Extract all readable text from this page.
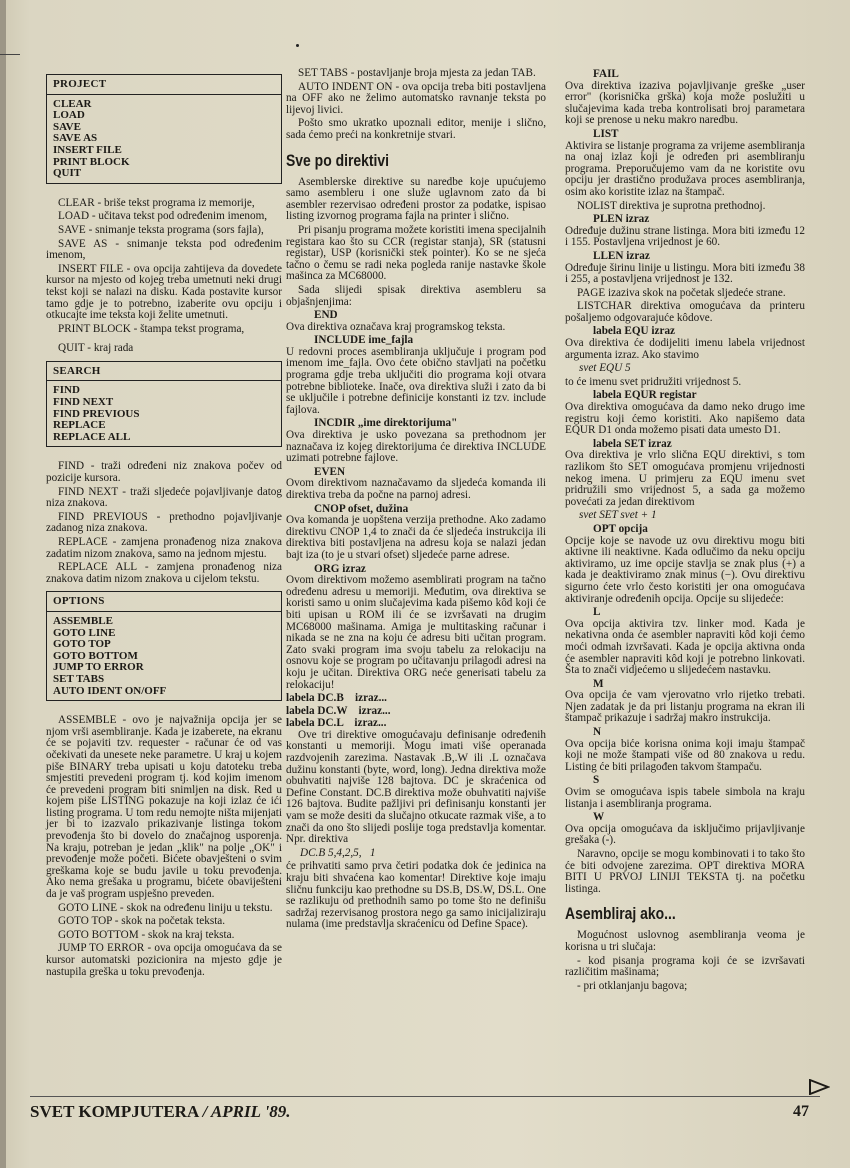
PROJECT
CLEAR
LOAD
SAVE
SAVE AS
INSERT FILE
PRINT BLOCK
QUIT

CLEAR - briše tekst programa iz memorije,

LOAD - učitava tekst pod određenim imenom,

SAVE - snimanje teksta programa (sors fajla),

SAVE AS - snimanje teksta pod određenim imenom,

INSERT FILE - ova opcija zahtijeva da dovedete kursor na mjesto od kojeg treba umetnuti neki drugi tekst koji se nalazi na disku. Kada postavite kursor tamo gdje je to potrebno, izaberite ovu opciju i otkucajte ime teksta koji želite umetnuti.

PRINT BLOCK - štampa tekst programa,

QUIT - kraj rada

SEARCH
FIND
FIND NEXT
FIND PREVIOUS
REPLACE
REPLACE ALL

FIND - traži određeni niz znakova počev od pozicije kursora.

FIND NEXT - traži sljedeće pojavljivanje datog niza znakova.

FIND PREVIOUS - prethodno pojavljivanje zadanog niza znakova.

REPLACE - zamjena pronađenog niza znakova zadatim nizom znakova, samo na jednom mjestu.

REPLACE ALL - zamjena pronađenog niza znakova datim nizom znakova u cijelom tekstu.

OPTIONS
ASSEMBLE
GOTO LINE
GOTO TOP
GOTO BOTTOM
JUMP TO ERROR
SET TABS
AUTO IDENT ON/OFF

ASSEMBLE - ovo je najvažnija opcija jer se njom vrši asembliranje. Kada je izaberete, na ekranu će se pojaviti tzv. requester - računar će od vas očekivati da unesete neke parametre. U kraj u kojem piše BINARY treba upisati u koju datoteku treba smjestiti prevedeni program tj. kod kojim imenom će prevedeni program biti snimljen na disk. Red u kojem piše LISTING pokazuje na koji izlaz će ići listing programa. U tom redu nemojte ništa mijenjati jer bi to izazvalo prikazivanje listinga tokom prevođenja što bi dovelo do značajnog usporenja. Na kraju, potreban je jedan „klik" na polje „OK" i prevođenje može početi. Bićete obavješteni o svim greškama koje se budu javile u toku prevođenja. Ako nema grešaka u programu, bićete obaviješteni da je vaš program uspješno preveden.

GOTO LINE - skok na određenu liniju u tekstu.

GOTO TOP - skok na početak teksta.

GOTO BOTTOM - skok na kraj teksta.

JUMP TO ERROR - ova opcija omogućava da se kursor automatski pozicionira na mjesto gdje je nastupila greška u toku prevođenja.

SET TABS - postavljanje broja mjesta za jedan TAB.

AUTO INDENT ON - ova opcija treba biti postavljena na OFF ako ne želimo automatsko ravnanje teksta po lijevoj livici.

Pošto smo ukratko upoznali editor, menije i slično, sada ćemo preći na konkretnije stvari.

Sve po direktivi

Asemblerske direktive su naredbe koje upućujemo samo asembleru i one služe uglavnom zato da bi asembler rezervisao određeni prostor za podatke, ispisao listing izvornog programa fajla na printer i slično.

Pri pisanju programa možete koristiti imena specijalnih registara kao što su CCR (registar stanja), SR (statusni registar), USP (korisnički stek pointer). Ko se ne sjeća tačno o čemu se radi neka pogleda ranije nastavke škole mašinca za MC68000.

Sada slijedi spisak direktiva asembleru sa objašnjenjima:

END

Ova direktiva označava kraj programskog teksta.

INCLUDE ime_fajla

U redovni proces asembliranja uključuje i program pod imenom ime_fajla. Ovo ćete obično stavljati na početku programa gdje treba uključiti dio programa koji otvara potrebne biblioteke. Inače, ova direktiva služi i zato da bi se uključile i potrebne definicije konstanti iz tzv. include fajlova.

INCDIR „ime direktorijuma"

Ova direktiva je usko povezana sa prethodnom jer naznačava iz kojeg direktorijuma će direktiva INCLUDE uzimati potrebne fajlove.

EVEN

Ovom direktivom naznačavamo da sljedeća komanda ili direktiva treba da počne na parnoj adresi.

CNOP ofset, dužina

Ova komanda je uopštena verzija prethodne. Ako zadamo direktivu CNOP 1,4 to znači da će sljedeća instrukcija ili direktiva biti postavljena na adresu koja se nalazi jedan bajt iza (to je u stvari ofset) sljedeće parne adrese.

ORG izraz

Ovom direktivom možemo asemblirati program na tačno određenu adresu u memoriji. Međutim, ova direktiva se koristi samo u onim slučajevima kada pišemo kôd koji će biti upisan u ROM ili će se izvršavati na drugim MC68000 mašinama. Amiga je multitasking računar i nikada se ne zna na koju će adresu biti učitan program. Zato svaki program ima svoju tabelu za relokaciju na osnovu koje se program po učitavanju prilagodi adresi na koju je učitan. Direktiva ORG neće generisati tabelu za relokaciju!

labela DC.B    izraz...
labela DC.W    izraz...
labela DC.L    izraz...

Ove tri direktive omogućavaju definisanje određenih konstanti u memoriji. Mogu imati više operanada razdvojenih zarezima. Nastavak .B,.W ili .L označava dužinu konstanti (byte, word, long). Jedna direktiva može obuhvatiti najviše 128 bajtova. DC je skraćenica od Define Constant. DC.B direktiva može obuhvatiti najviše 126 bajtova. Budite pažljivi pri definisanju konstanti jer vam se može desiti da slučajno otkucate razmak više, a to znači da ono što slijedi poslije toga predstavlja komentar. Npr. direktiva

DC.B 5,4,2,5,   1

će prihvatiti samo prva četiri podatka dok će jedinica na kraju biti shvaćena kao komentar! Direktive koje imaju sličnu funkciju kao prethodne su DS.B, DS.W, DS.L. One se razlikuju od prethodnih samo po tome što ne definišu sadržaj rezervisanog prostora nego ga samo inicijaliziraju nulama (ime predstavlja skraćenicu od Define Space).

FAIL

Ova direktiva izaziva pojavljivanje greške „user error" (korisnička grška) koja može poslužiti u slučajevima kada treba kontrolisati broj parametara koji se prenose u neku makro naredbu.

LIST

Aktivira se listanje programa za vrijeme asembliranja na onaj izlaz koji je određen pri asembliranju programa. Preporučujemo vam da ne koristite ovu opciju jer drastično produžava proces asembliranja, osim ako koristite izlaz na štampač.

NOLIST direktiva je suprotna prethodnoj.

PLEN izraz

Određuje dužinu strane listinga. Mora biti između 12 i 155. Postavljena vrijednost je 60.

LLEN izraz

Određuje širinu linije u listingu. Mora biti između 38 i 255, a postavljena vrijednost je 132.

PAGE izaziva skok na početak sljedeće strane.

LISTCHAR direktiva omogućava da printeru pošaljemo odgovarajuće kôdove.

labela EQU izraz

Ova direktiva će dodijeliti imenu labela vrijednost argumenta izraz. Ako stavimo

svet EQU 5

to će imenu svet pridružiti vrijednost 5.

labela EQUR registar

Ova direktiva omogućava da damo neko drugo ime registru koji ćemo koristiti. Ako napišemo data EQUR D1 onda možemo pisati data umesto D1.

labela SET izraz

Ova direktiva je vrlo slična EQU direktivi, s tom razlikom što SET omogućava promjenu vrijednosti nekog imena. U primjeru za EQU imenu svet pridružili smo vrijednost 5, a sada ga možemo povećati za jedan direktivom

svet SET svet + 1

OPT opcija

Opcije koje se navode uz ovu direktivu mogu biti aktivne ili neaktivne. Kada odlučimo da neku opciju aktiviramo, uz ime opcije stavlja se znak plus (+) a kada je deaktiviramo znak minus (−). Ovu direktivu sigurno ćete vrlo često koristiti jer ona omogućava aktiviranje određenih opcija. Opcije su slijedeće:

L

Ova opcija aktivira tzv. linker mod. Kada je nekativna onda će asembler napraviti kôd koji ćemo moći odmah izvršavati. Kada je opcija aktivna onda će asembler napraviti kôd koji je potrebno linkovati. Šta to znači vidjećemo u slijedećem nastavku.

M

Ova opcija će vam vjerovatno vrlo rijetko trebati. Njen zadatak je da pri listanju programa na ekran ili štampač prikazuje i sadržaj makro instrukcija.

N

Ova opcija biće korisna onima koji imaju štampač koji ne može štampati više od 80 znakova u redu. Listing će biti prilagođen takvom štampaču.

S

Ovim se omogućava ispis tabele simbola na kraju listanja i asembliranja programa.

W

Ova opcija omogućava da isključimo prijavljivanje grešaka (-).

Naravno, opcije se mogu kombinovati i to tako što će biti odvojene zarezima. OPT direktiva MORA BITI U PRVOJ LINIJI TEKSTA tj. na početku listinga.

Asembliraj ako...

Mogućnost uslovnog asembliranja veoma je korisna u tri slučaja:

- kod pisanja programa koji će se izvršavati različitim mašinama;

- pri otklanjanju bagova;

SVET KOMPJUTERA / APRIL '89.	47
